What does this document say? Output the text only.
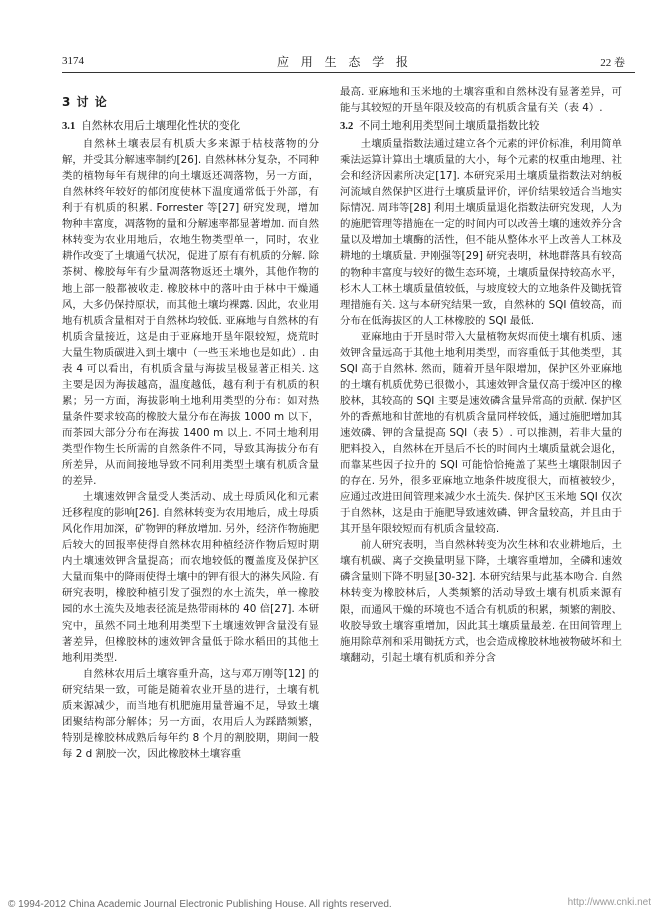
3174	应 用 生 态 学 报	22 卷
3 讨 论
3.1 自然林农用后土壤理化性状的变化

自然林土壤表层有机质大多来源于枯枝落物的分解，并受其分解速率制约[26]. 自然林林分复杂，不同种类的植物每年有规律的向土壤返还凋落物，另一方面，自然林终年较好的郁闭度使林下温度通常低于外部，有利于有机质的积累. Forrester 等[27] 研究发现，增加物种丰富度，凋落物的量和分解速率都显著增加. 而自然林转变为农业用地后，农地生物类型单一，同时，农业耕作改变了土壤通气状况，促进了原有有机质的分解. 除茶树、橡胶每年有少量凋落物返还土壤外，其他作物的地上部一般都被收走. 橡胶林中的落叶由于林中干燥通风，大多仍保持原状，而其他土壤均裸露. 因此，农业用地有机质含量相对于自然林均较低. 亚麻地与自然林的有机质含量接近，这是由于亚麻地开垦年限较短，烧荒时大量生物质碳进入到土壤中（一些玉米地也是如此）. 由表 4 可以看出，有机质含量与海拔呈极显著正相关. 这主要是因为海拔越高，温度越低，越有利于有机质的积累；另一方面，海拔影响土地利用类型的分布：如对热量条件要求较高的橡胶大量分布在海拔 1000 m 以下，而茶园大部分分布在海拔 1400 m 以上. 不同土地利用类型作物生长所需的自然条件不同，导致其海拔分布有所差异，从而间接地导致不同利用类型土壤有机质含量的差异.

土壤速效钾含量受人类活动、成土母质风化和元素迁移程度的影响[26]. 自然林转变为农用地后，成土母质风化作用加深，矿物钾的释放增加. 另外，经济作物施肥后较大的回报率使得自然林农用种植经济作物后短时期内土壤速效钾含量提高；而农地较低的覆盖度及保护区大量而集中的降雨使得土壤中的钾有很大的淋失风险. 有研究表明，橡胶种植引发了强烈的水土流失，单一橡胶园的水土流失及地表径流是热带雨林的 40 倍[27]. 本研究中，虽然不同土地利用类型下土壤速效钾含量没有显著差异，但橡胶林的速效钾含量低于除水稻田的其他土地利用类型.

自然林农用后土壤容重升高，这与邓万刚等[12] 的研究结果一致，可能是随着农业开垦的进行，土壤有机质来源减少，而当地有机肥施用量普遍不足，导致土壤团聚结构部分解体；另一方面，农用后人为踩踏频繁，特别是橡胶林成熟后每年约 8 个月的割胶期，期间一般每 2 d 割胶一次，因此橡胶林土壤容重

最高. 亚麻地和玉米地的土壤容重和自然林没有显著差异，可能与其较短的开垦年限及较高的有机质含量有关（表 4）.

3.2 不同土地利用类型间土壤质量指数比较

土壤质量指数法通过建立各个元素的评价标准，利用简单乘法运算计算出土壤质量的大小，每个元素的权重由地理、社会和经济因素所决定[17]. 本研究采用土壤质量指数法对纳板河流域自然保护区进行土壤质量评价，评价结果较适合当地实际情况. 周玮等[28] 利用土壤质量退化指数法研究发现，人为的施肥管理等措施在一定的时间内可以改善土壤的速效养分含量以及增加土壤酶的活性，但不能从整体水平上改善人工林及耕地的土壤质量. 尹刚强等[29] 研究表明，林地群落具有较高的物种丰富度与较好的微生态环境，土壤质量保持较高水平，杉木人工林土壤质量值较低，与坡度较大的立地条件及锄抚管理措施有关. 这与本研究结果一致，自然林的 SQI 值较高，而分布在低海拔区的人工林橡胶的 SQI 最低.

亚麻地由于开垦时带入大量植物灰烬而使土壤有机质、速效钾含量远高于其他土地利用类型，而容重低于其他类型，其 SQI 高于自然林. 然而，随着开垦年限增加，保护区外亚麻地的土壤有机质优势已很微小，其速效钾含量仅高于缓冲区的橡胶林，其较高的 SQI 主要是速效磷含量异常高的贡献. 保护区外的香蕉地和甘蔗地的有机质含量同样较低，通过施肥增加其速效磷、钾的含量提高 SQI（表 5）. 可以推测，若非大量的肥料投入，自然林在开垦后不长的时间内土壤质量就会退化，而靠某些因子拉升的 SQI 可能恰恰掩盖了某些土壤限制因子的存在. 另外，很多亚麻地立地条件坡度很大，而植被较少，应通过改进田间管理来减少水土流失. 保护区玉米地 SQI 仅次于自然林，这是由于施肥导致速效磷、钾含量较高，并且由于其开垦年限较短而有机质含量较高.

前人研究表明，当自然林转变为次生林和农业耕地后，土壤有机碳、离子交换量明显下降，土壤容重增加，全磷和速效磷含量则下降不明显[30-32]. 本研究结果与此基本吻合. 自然林转变为橡胶林后，人类频繁的活动导致土壤有机质来源有限，而通风干燥的环境也不适合有机质的积累，频繁的割胶、收胶导致土壤容重增加，因此其土壤质量最差. 在田间管理上施用除草剂和采用锄抚方式，也会造成橡胶林地被物破坏和土壤翻动，引起土壤有机质和养分含

© 1994-2012 China Academic Journal Electronic Publishing House. All rights reserved.	http://www.cnki.net
